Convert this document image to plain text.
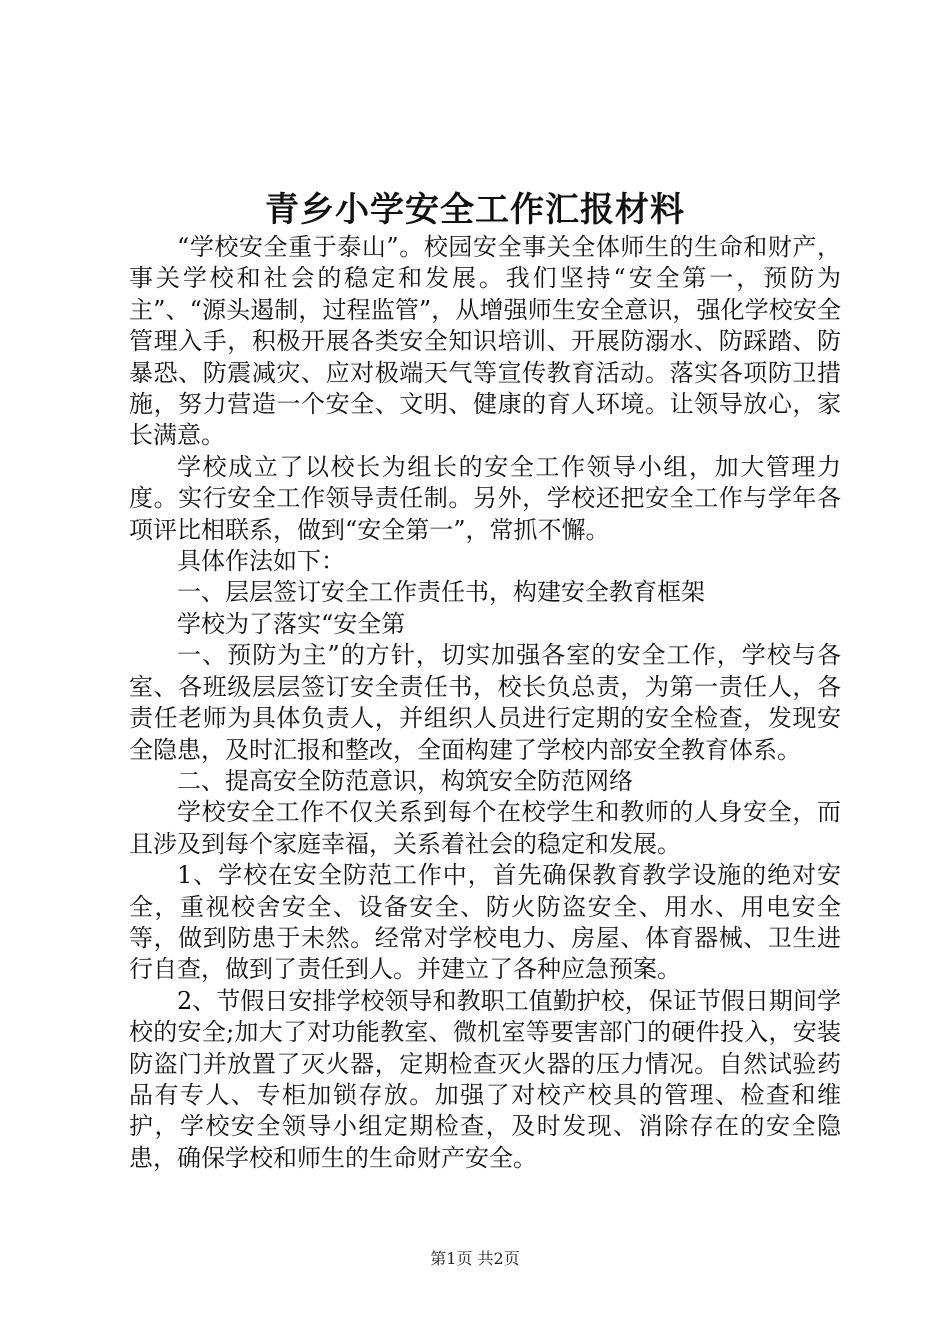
青乡小学安全工作汇报材料

“学校安全重于泰山”。校园安全事关全体师生的生命和财产，事关学校和社会的稳定和发展。我们坚持“安全第一，预防为主”、“源头遏制，过程监管”，从增强师生安全意识，强化学校安全管理入手，积极开展各类安全知识培训、开展防溺水、防踩踏、防暴恐、防震减灾、应对极端天气等宣传教育活动。落实各项防卫措施，努力营造一个安全、文明、健康的育人环境。让领导放心，家长满意。

学校成立了以校长为组长的安全工作领导小组，加大管理力度。实行安全工作领导责任制。另外，学校还把安全工作与学年各项评比相联系，做到“安全第一”，常抓不懈。

具体作法如下：

一、层层签订安全工作责任书，构建安全教育框架

学校为了落实“安全第

一、预防为主”的方针，切实加强各室的安全工作，学校与各室、各班级层层签订安全责任书，校长负总责，为第一责任人，各责任老师为具体负责人，并组织人员进行定期的安全检查，发现安全隐患，及时汇报和整改，全面构建了学校内部安全教育体系。

二、提高安全防范意识，构筑安全防范网络

学校安全工作不仅关系到每个在校学生和教师的人身安全，而且涉及到每个家庭幸福，关系着社会的稳定和发展。

1、学校在安全防范工作中，首先确保教育教学设施的绝对安全，重视校舍安全、设备安全、防火防盗安全、用水、用电安全等，做到防患于未然。经常对学校电力、房屋、体育器械、卫生进行自查，做到了责任到人。并建立了各种应急预案。

2、节假日安排学校领导和教职工值勤护校，保证节假日期间学校的安全;加大了对功能教室、微机室等要害部门的硬件投入，安装防盗门并放置了灭火器，定期检查灭火器的压力情况。自然试验药品有专人、专柜加锁存放。加强了对校产校具的管理、检查和维护，学校安全领导小组定期检查，及时发现、消除存在的安全隐患，确保学校和师生的生命财产安全。

第1页 共2页
